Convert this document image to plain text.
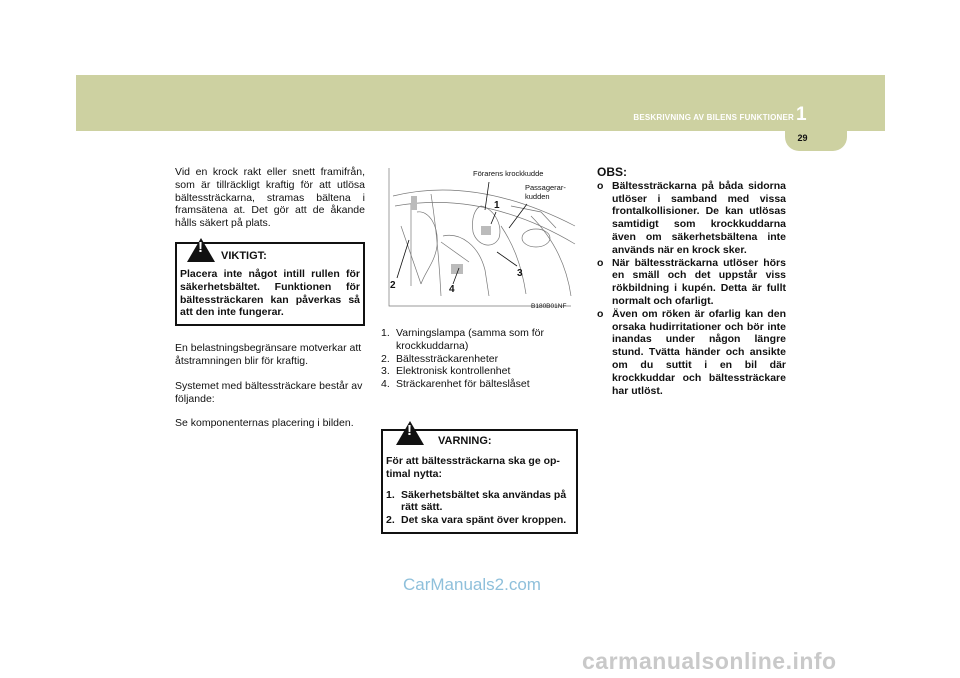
BESKRIVNING AV BILENS FUNKTIONER 1
29

Vid en krock rakt eller snett framifrån, som är tillräckligt kraftig för att utlösa bältessträckarna, stramas bältena i framsätena at. Det gör att de åkande hålls säkert på plats.

! VIKTIGT:
Placera inte något intill rullen för säkerhetsbältet. Funktionen för bältessträckaren kan påverkas så att den inte fungerar.

En belastningsbegränsare motverkar att åtstramningen blir för kraftig.

Systemet med bältessträckare består av följande:

Se komponenternas placering i bilden.

Förarens krockkudde
Passagerar-
kudden
1
2
3
4
B180B01NF
1. Varningslampa (samma som för krockkuddarna)
2. Bältessträckarenheter
3. Elektronisk kontrollenhet
4. Sträckarenhet för bälteslåset
!
VARNING:
För att bältessträckarna ska ge op-timal nytta:
1. Säkerhetsbältet ska användas på rätt sätt.
2. Det ska vara spänt över kroppen.
OBS:
o Bältessträckarna på båda sidorna utlöser i samband med vissa frontalkollisioner. De kan utlösas samtidigt som krockkuddarna även om säkerhetsbältena inte används när en krock sker.
o När bältessträckarna utlöser hörs en smäll och det uppstår viss rökbildning i kupén. Detta är fullt normalt och ofarligt.
o Även om röken är ofarlig kan den orsaka hudirritationer och bör inte inandas under någon längre stund. Tvätta händer och ansikte om du suttit i en bil där krockkuddar och bältessträckare har utlöst.
CarManuals2.com
carmanualsonline.info
